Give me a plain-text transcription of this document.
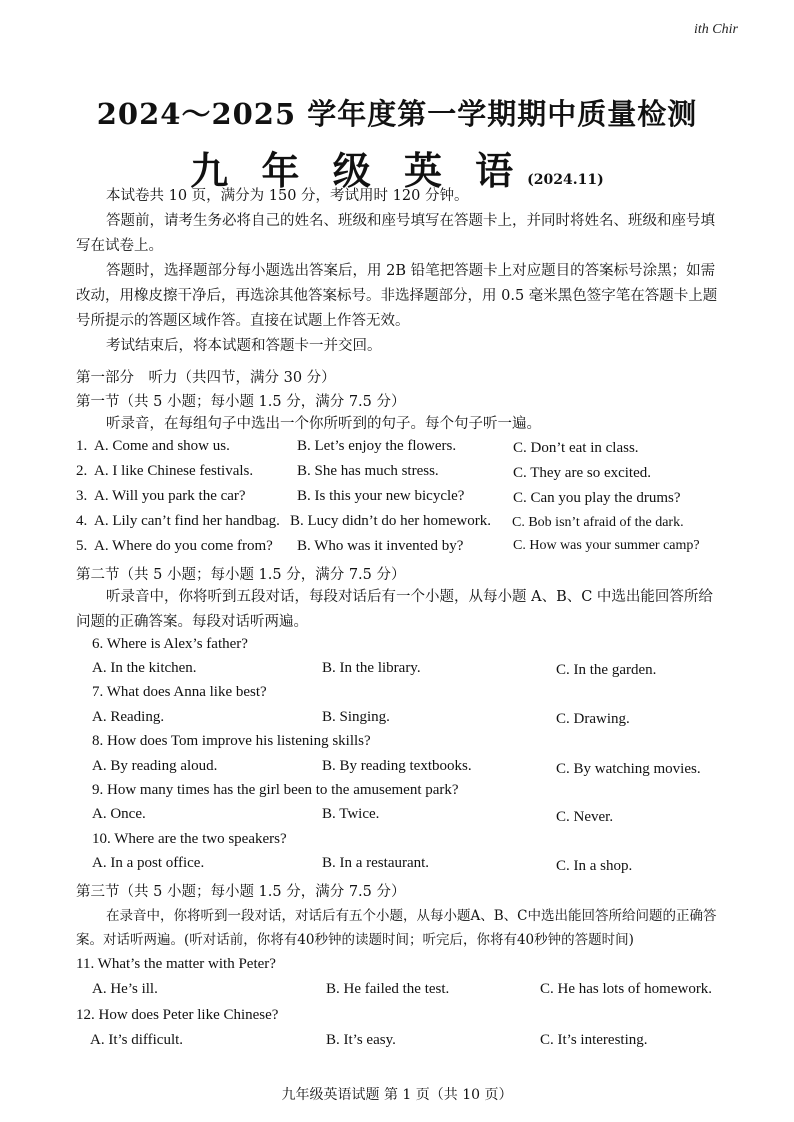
ith Chir
2024～2025 学年度第一学期期中质量检测
九 年 级 英 语 (2024.11)
本试卷共 10 页，满分为 150 分，考试用时 120 分钟。
答题前，请考生务必将自己的姓名、班级和座号填写在答题卡上，并同时将姓名、班级和座号填写在试卷上。
答题时，选择题部分每小题选出答案后，用 2B 铅笔把答题卡上对应题目的答案标号涂黑；如需改动，用橡皮擦干净后，再选涂其他答案标号。非选择题部分，用 0.5 毫米黑色签字笔在答题卡上题号所提示的答题区域作答。直接在试题上作答无效。
考试结束后，将本试题和答题卡一并交回。
第一部分　听力（共四节，满分 30 分）
第一节（共 5 小题；每小题 1.5 分，满分 7.5 分）
听录音，在每组句子中选出一个你所听到的句子。每个句子听一遍。
1. A. Come and show us.	B. Let’s enjoy the flowers.	C. Don’t eat in class.
2. A. I like Chinese festivals.	B. She has much stress.	C. They are so excited.
3. A. Will you park the car?	B. Is this your new bicycle?	C. Can you play the drums?
4. A. Lily can’t find her handbag. B. Lucy didn’t do her homework. C. Bob isn’t afraid of the dark.
5. A. Where do you come from? B. Who was it invented by?	C. How was your summer camp?
第二节（共 5 小题；每小题 1.5 分，满分 7.5 分）
听录音中，你将听到五段对话，每段对话后有一个小题，从每小题 A、B、C 中选出能回答所给问题的正确答案。每段对话听两遍。
6. Where is Alex’s father?
A. In the kitchen.	B. In the library.	C. In the garden.
7. What does Anna like best?
A. Reading.	B. Singing.	C. Drawing.
8. How does Tom improve his listening skills?
A. By reading aloud.	B. By reading textbooks.	C. By watching movies.
9. How many times has the girl been to the amusement park?
A. Once.	B. Twice.	C. Never.
10. Where are the two speakers?
A. In a post office.	B. In a restaurant.	C. In a shop.
第三节（共 5 小题；每小题 1.5 分，满分 7.5 分）
在录音中，你将听到一段对话，对话后有五个小题，从每小题A、B、C中选出能回答所给问题的正确答案。对话听两遍。(听对话前，你将有40秒钟的读题时间；听完后，你将有40秒钟的答题时间)
11. What’s the matter with Peter?
A. He’s ill.	B. He failed the test.	C. He has lots of homework.
12. How does Peter like Chinese?
A. It’s difficult.	B. It’s easy.	C. It’s interesting.
九年级英语试题 第 1 页（共 10 页）
